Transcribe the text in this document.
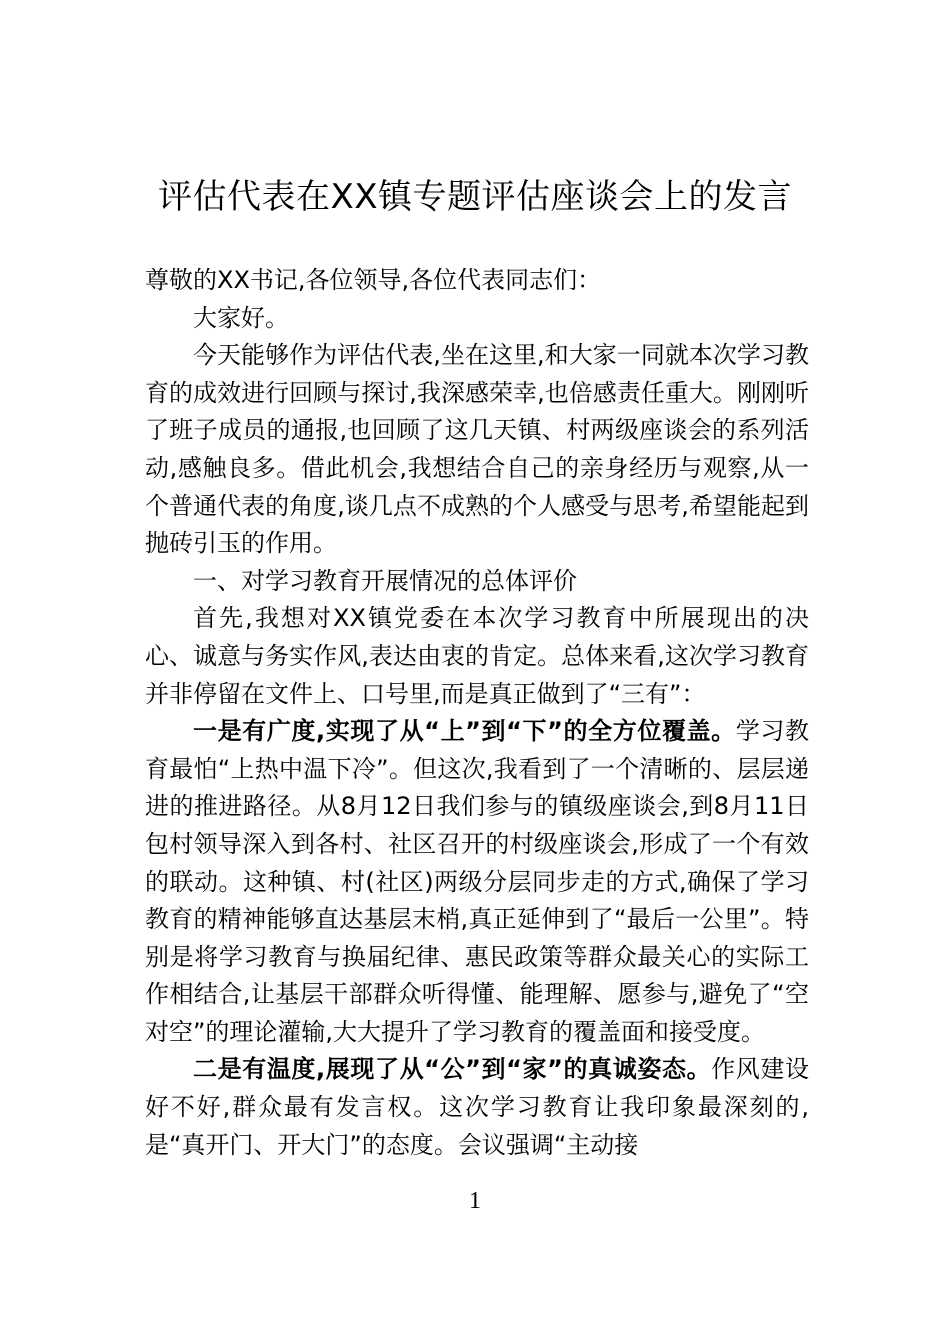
评估代表在XX镇专题评估座谈会上的发言

尊敬的XX书记,各位领导,各位代表同志们：

大家好。

今天能够作为评估代表,坐在这里,和大家一同就本次学习教育的成效进行回顾与探讨,我深感荣幸,也倍感责任重大。刚刚听了班子成员的通报,也回顾了这几天镇、村两级座谈会的系列活动,感触良多。借此机会,我想结合自己的亲身经历与观察,从一个普通代表的角度,谈几点不成熟的个人感受与思考,希望能起到抛砖引玉的作用。

一、对学习教育开展情况的总体评价

首先,我想对XX镇党委在本次学习教育中所展现出的决心、诚意与务实作风,表达由衷的肯定。总体来看,这次学习教育并非停留在文件上、口号里,而是真正做到了“三有”：

一是有广度,实现了从“上”到“下”的全方位覆盖。学习教育最怕“上热中温下冷”。但这次,我看到了一个清晰的、层层递进的推进路径。从8月12日我们参与的镇级座谈会,到8月11日包村领导深入到各村、社区召开的村级座谈会,形成了一个有效的联动。这种镇、村(社区)两级分层同步走的方式,确保了学习教育的精神能够直达基层末梢,真正延伸到了“最后一公里”。特别是将学习教育与换届纪律、惠民政策等群众最关心的实际工作相结合,让基层干部群众听得懂、能理解、愿参与,避免了“空对空”的理论灌输,大大提升了学习教育的覆盖面和接受度。

二是有温度,展现了从“公”到“家”的真诚姿态。作风建设好不好,群众最有发言权。这次学习教育让我印象最深刻的,是“真开门、开大门”的态度。会议强调“主动接

1
